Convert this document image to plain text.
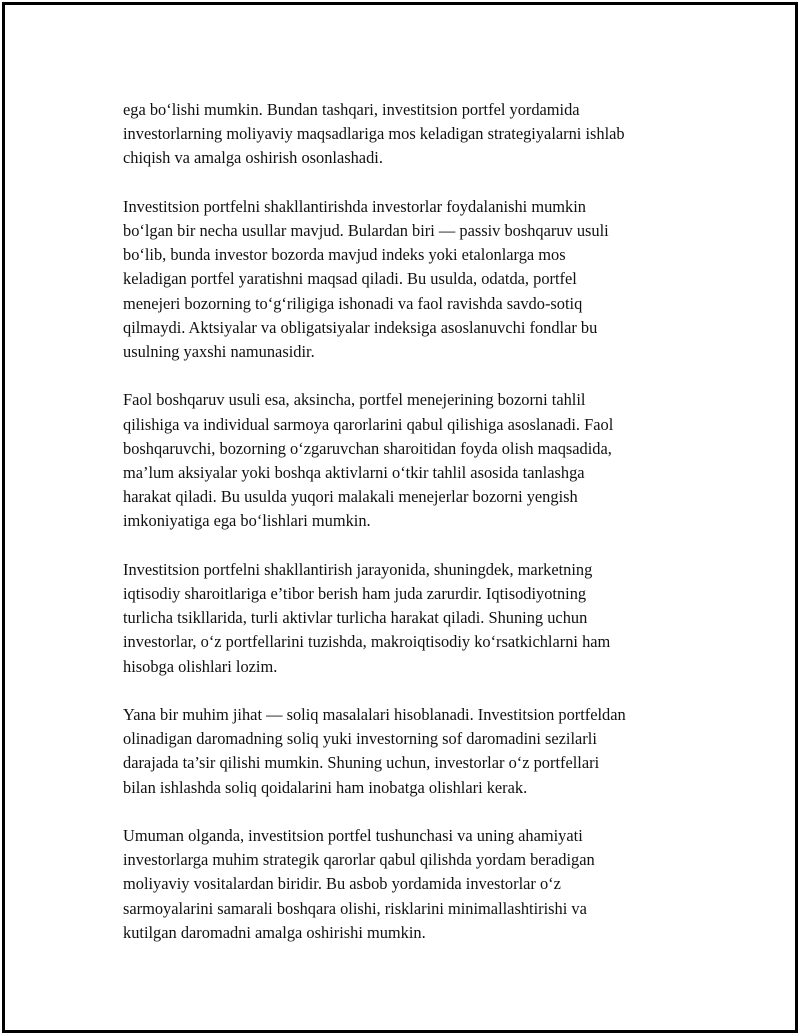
ega bo‘lishi mumkin. Bundan tashqari, investitsion portfel yordamida
investorlarning moliyaviy maqsadlariga mos keladigan strategiyalarni ishlab
chiqish va amalga oshirish osonlashadi.

Investitsion portfelni shakllantirishda investorlar foydalanishi mumkin
bo‘lgan bir necha usullar mavjud. Bulardan biri — passiv boshqaruv usuli
bo‘lib, bunda investor bozorda mavjud indeks yoki etalonlarga mos
keladigan portfel yaratishni maqsad qiladi. Bu usulda, odatda, portfel
menejeri bozorning to‘g‘riligiga ishonadi va faol ravishda savdo-sotiq
qilmaydi. Aktsiyalar va obligatsiyalar indeksiga asoslanuvchi fondlar bu
usulning yaxshi namunasidir.

Faol boshqaruv usuli esa, aksincha, portfel menejerining bozorni tahlil
qilishiga va individual sarmoya qarorlarini qabul qilishiga asoslanadi. Faol
boshqaruvchi, bozorning o‘zgaruvchan sharoitidan foyda olish maqsadida,
ma’lum aksiyalar yoki boshqa aktivlarni o‘tkir tahlil asosida tanlashga
harakat qiladi. Bu usulda yuqori malakali menejerlar bozorni yengish
imkoniyatiga ega bo‘lishlari mumkin.

Investitsion portfelni shakllantirish jarayonida, shuningdek, marketning
iqtisodiy sharoitlariga e’tibor berish ham juda zarurdir. Iqtisodiyotning
turlicha tsikllarida, turli aktivlar turlicha harakat qiladi. Shuning uchun
investorlar, o‘z portfellarini tuzishda, makroiqtisodiy ko‘rsatkichlarni ham
hisobga olishlari lozim.

Yana bir muhim jihat — soliq masalalari hisoblanadi. Investitsion portfeldan
olinadigan daromadning soliq yuki investorning sof daromadini sezilarli
darajada ta’sir qilishi mumkin. Shuning uchun, investorlar o‘z portfellari
bilan ishlashda soliq qoidalarini ham inobatga olishlari kerak.

Umuman olganda, investitsion portfel tushunchasi va uning ahamiyati
investorlarga muhim strategik qarorlar qabul qilishda yordam beradigan
moliyaviy vositalardan biridir. Bu asbob yordamida investorlar o‘z
sarmoyalarini samarali boshqara olishi, risklarini minimallashtirishi va
kutilgan daromadni amalga oshirishi mumkin.
